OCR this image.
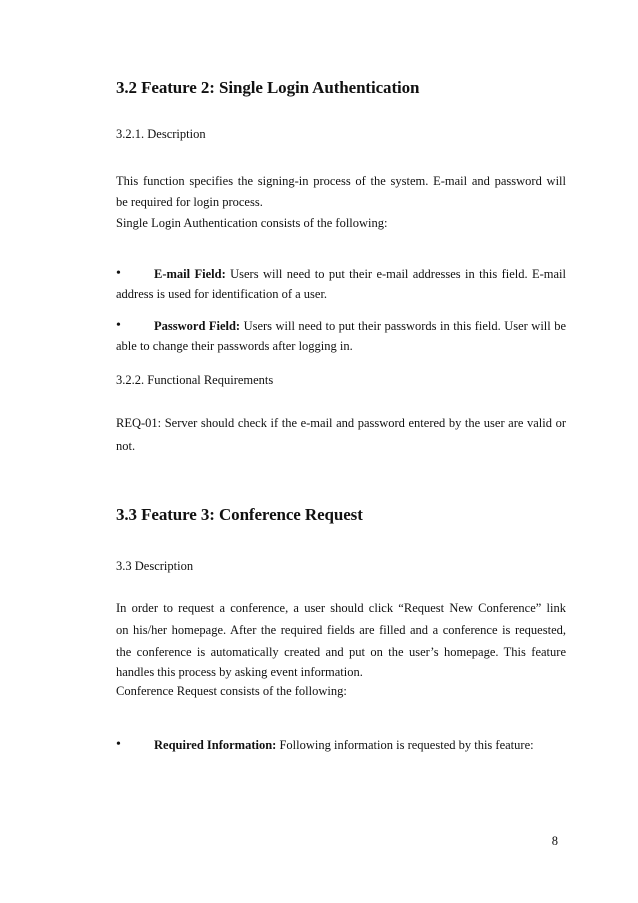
3.2 Feature 2: Single Login Authentication
3.2.1. Description
This function specifies the signing-in process of the system. E-mail and password will
be required for login process.
Single Login Authentication consists of the following:
•	E-mail Field: Users will need to put their e-mail addresses in this field. E-mail address is used for identification of a user.
•	Password Field: Users will need to put their passwords in this field. User will be able to change their passwords after logging in.
3.2.2. Functional Requirements
REQ-01: Server should check if the e-mail and password entered by the user are valid or not.
3.3 Feature 3: Conference Request
3.3 Description
In order to request a conference, a user should click “Request New Conference” link
on his/her homepage. After the required fields are filled and a conference is requested,
the conference is automatically created and put on the user’s homepage. This feature
handles this process by asking event information.
Conference Request consists of the following:
•	Required Information: Following information is requested by this feature:
8
